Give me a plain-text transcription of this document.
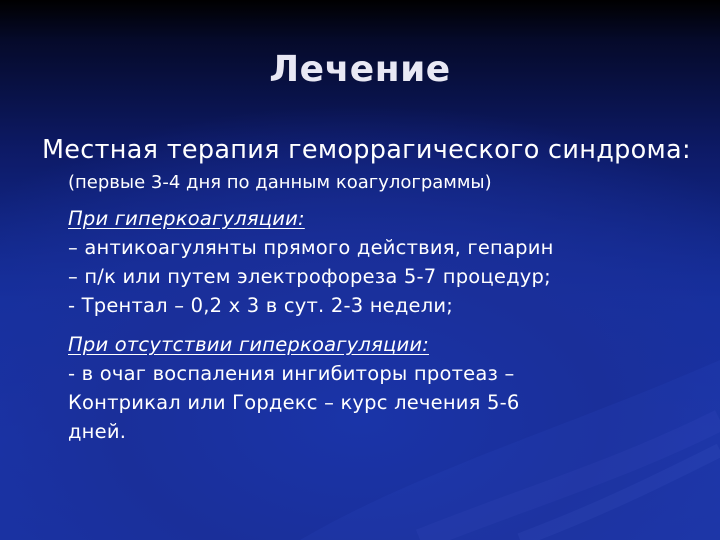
Лечение
Местная терапия геморрагического синдрома:
(первые 3-4 дня по данным коагулограммы)
При гиперкоагуляции:
– антикоагулянты прямого действия, гепарин
– п/к или путем электрофореза 5-7 процедур;
- Трентал – 0,2 х 3 в сут. 2-3 недели;
При отсутствии гиперкоагуляции:
- в очаг воспаления ингибиторы протеаз –
Контрикал или Гордекс – курс лечения 5-6
дней.
